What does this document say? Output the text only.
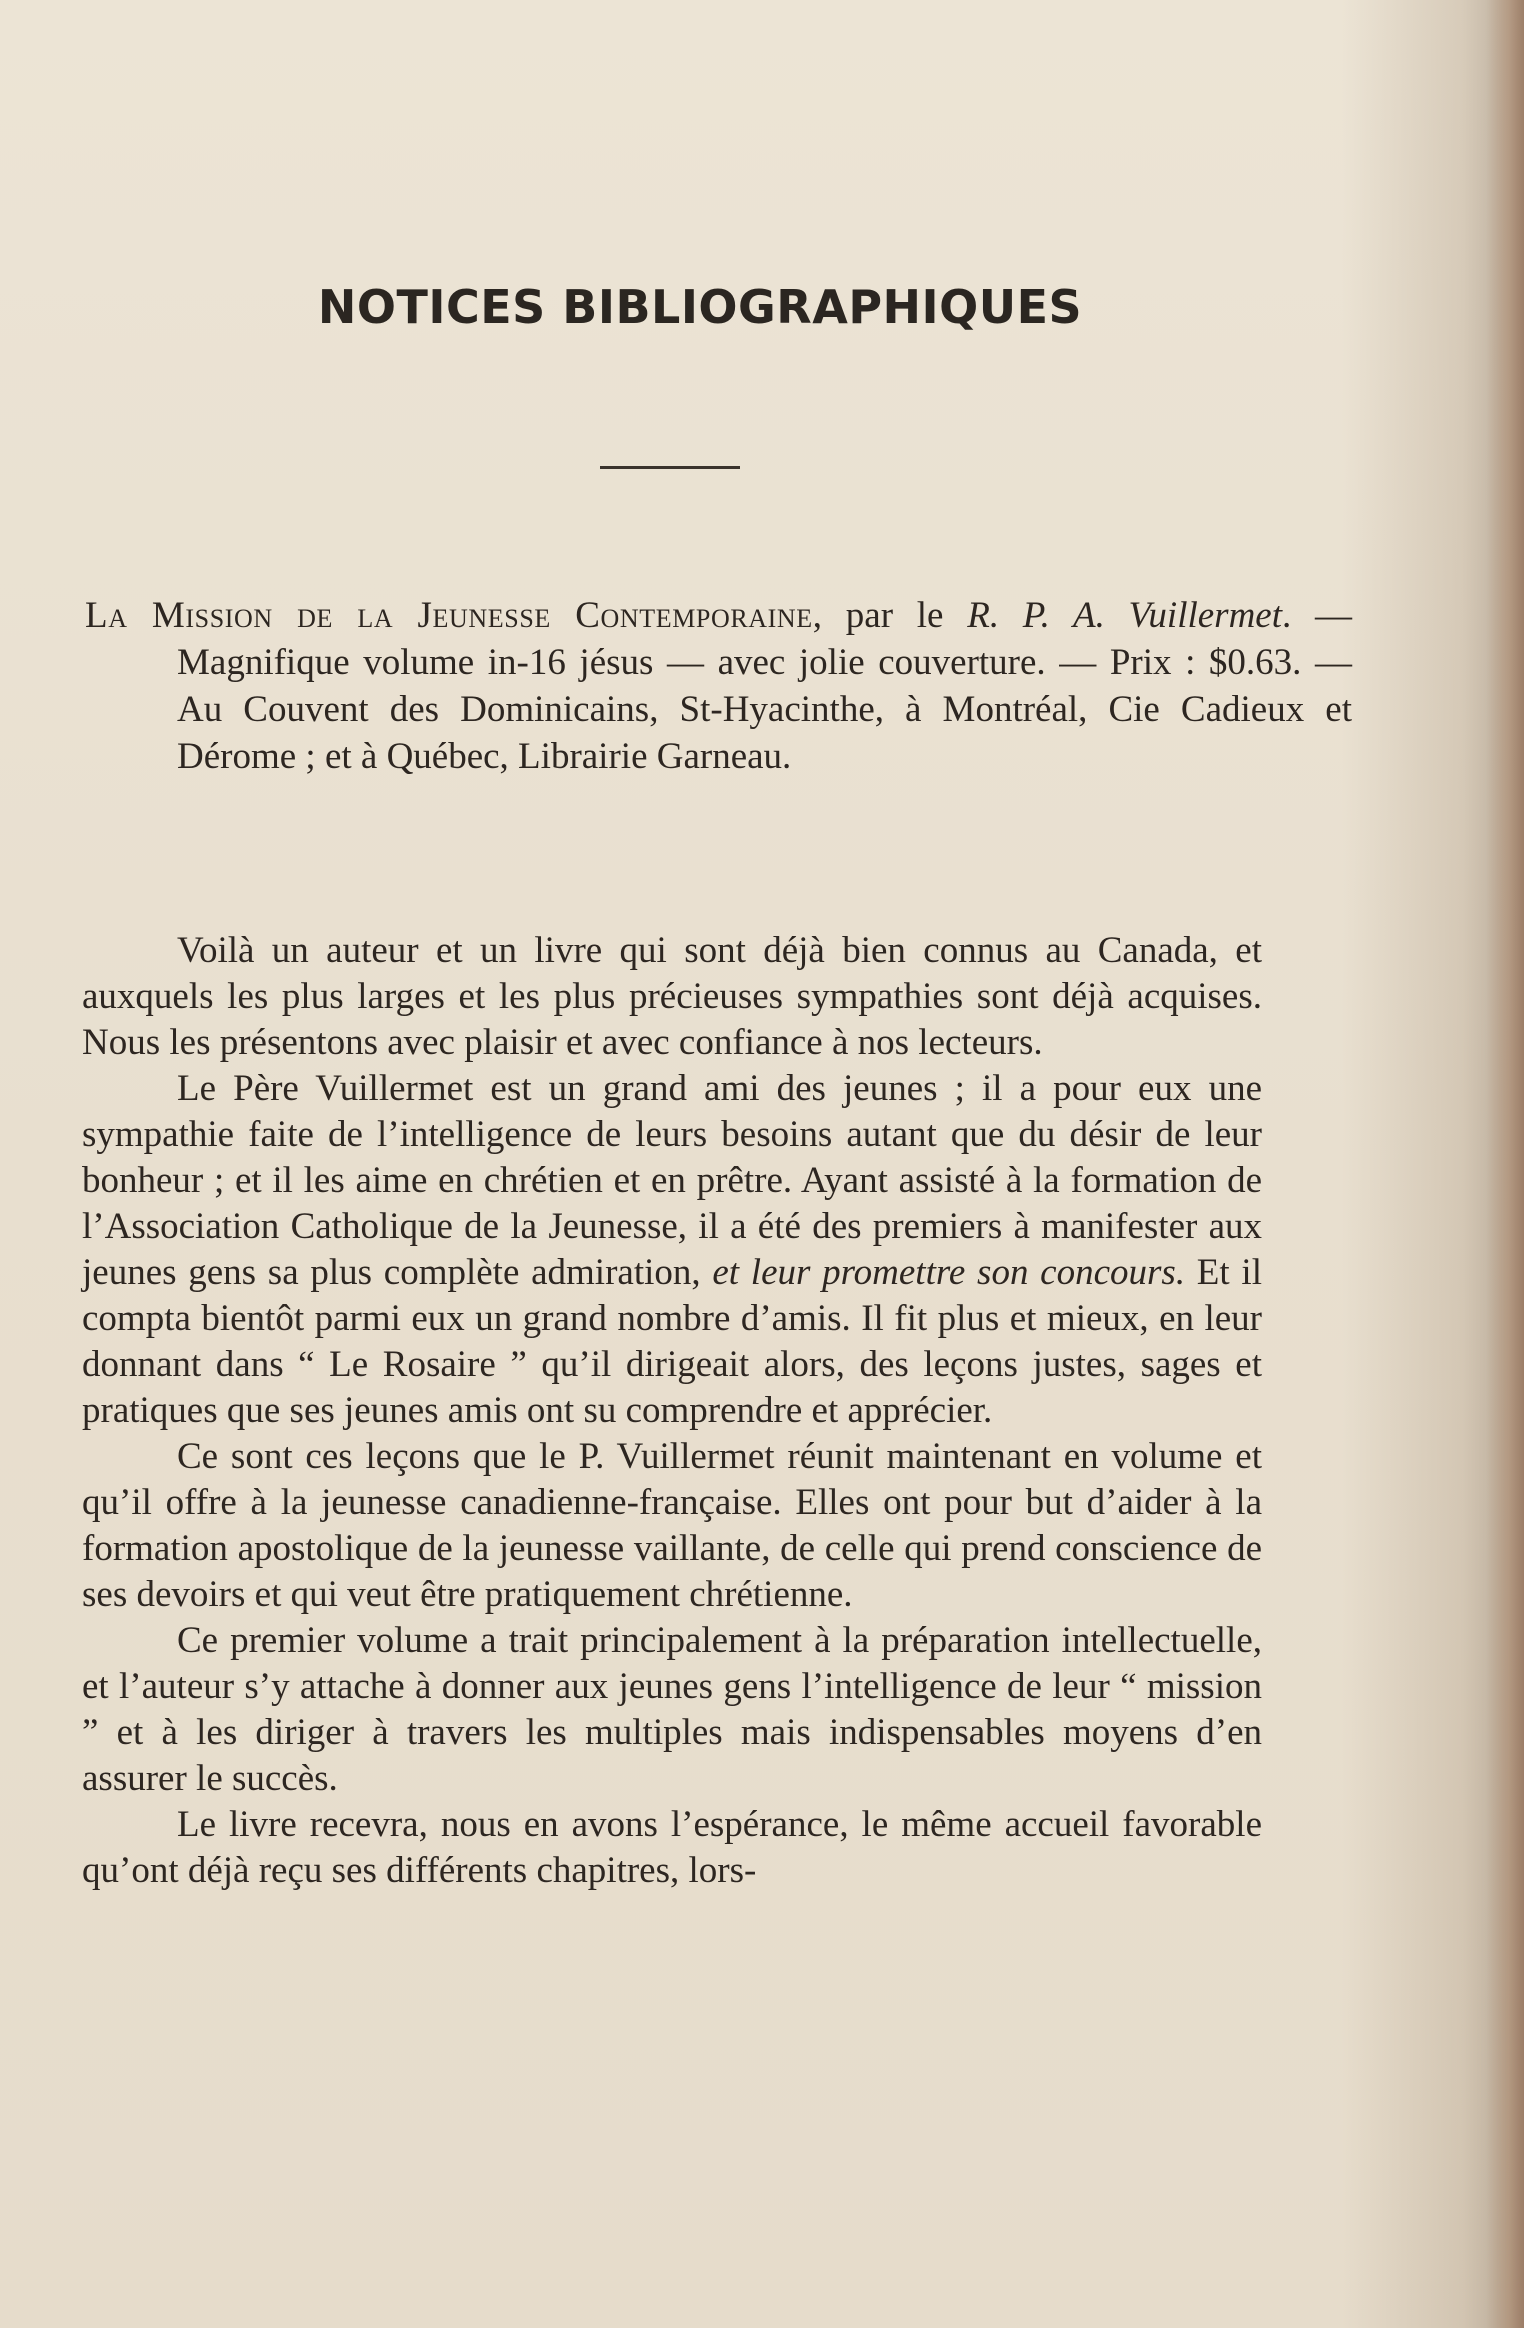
NOTICES BIBLIOGRAPHIQUES
La Mission de la Jeunesse Contemporaine, par le R. P. A. Vuillermet. — Magnifique volume in-16 jésus — avec jolie couverture. — Prix : $0.63. — Au Couvent des Dominicains, St-Hyacinthe, à Montréal, Cie Cadieux et Dérome ; et à Québec, Librairie Garneau.

Voilà un auteur et un livre qui sont déjà bien connus au Canada, et auxquels les plus larges et les plus précieuses sympathies sont déjà acquises. Nous les présentons avec plaisir et avec confiance à nos lecteurs.

Le Père Vuillermet est un grand ami des jeunes ; il a pour eux une sympathie faite de l’intelligence de leurs besoins autant que du désir de leur bonheur ; et il les aime en chrétien et en prêtre. Ayant assisté à la formation de l’Association Catholique de la Jeunesse, il a été des premiers à manifester aux jeunes gens sa plus complète admiration, et leur promettre son concours. Et il compta bientôt parmi eux un grand nombre d’amis. Il fit plus et mieux, en leur donnant dans “ Le Rosaire ” qu’il dirigeait alors, des leçons justes, sages et pratiques que ses jeunes amis ont su comprendre et apprécier.

Ce sont ces leçons que le P. Vuillermet réunit maintenant en volume et qu’il offre à la jeunesse canadienne-française. Elles ont pour but d’aider à la formation apostolique de la jeunesse vaillante, de celle qui prend conscience de ses devoirs et qui veut être pratiquement chrétienne.

Ce premier volume a trait principalement à la préparation intellectuelle, et l’auteur s’y attache à donner aux jeunes gens l’intelligence de leur “ mission ” et à les diriger à travers les multiples mais indispensables moyens d’en assurer le succès.

Le livre recevra, nous en avons l’espérance, le même accueil favorable qu’ont déjà reçu ses différents chapitres, lors-
